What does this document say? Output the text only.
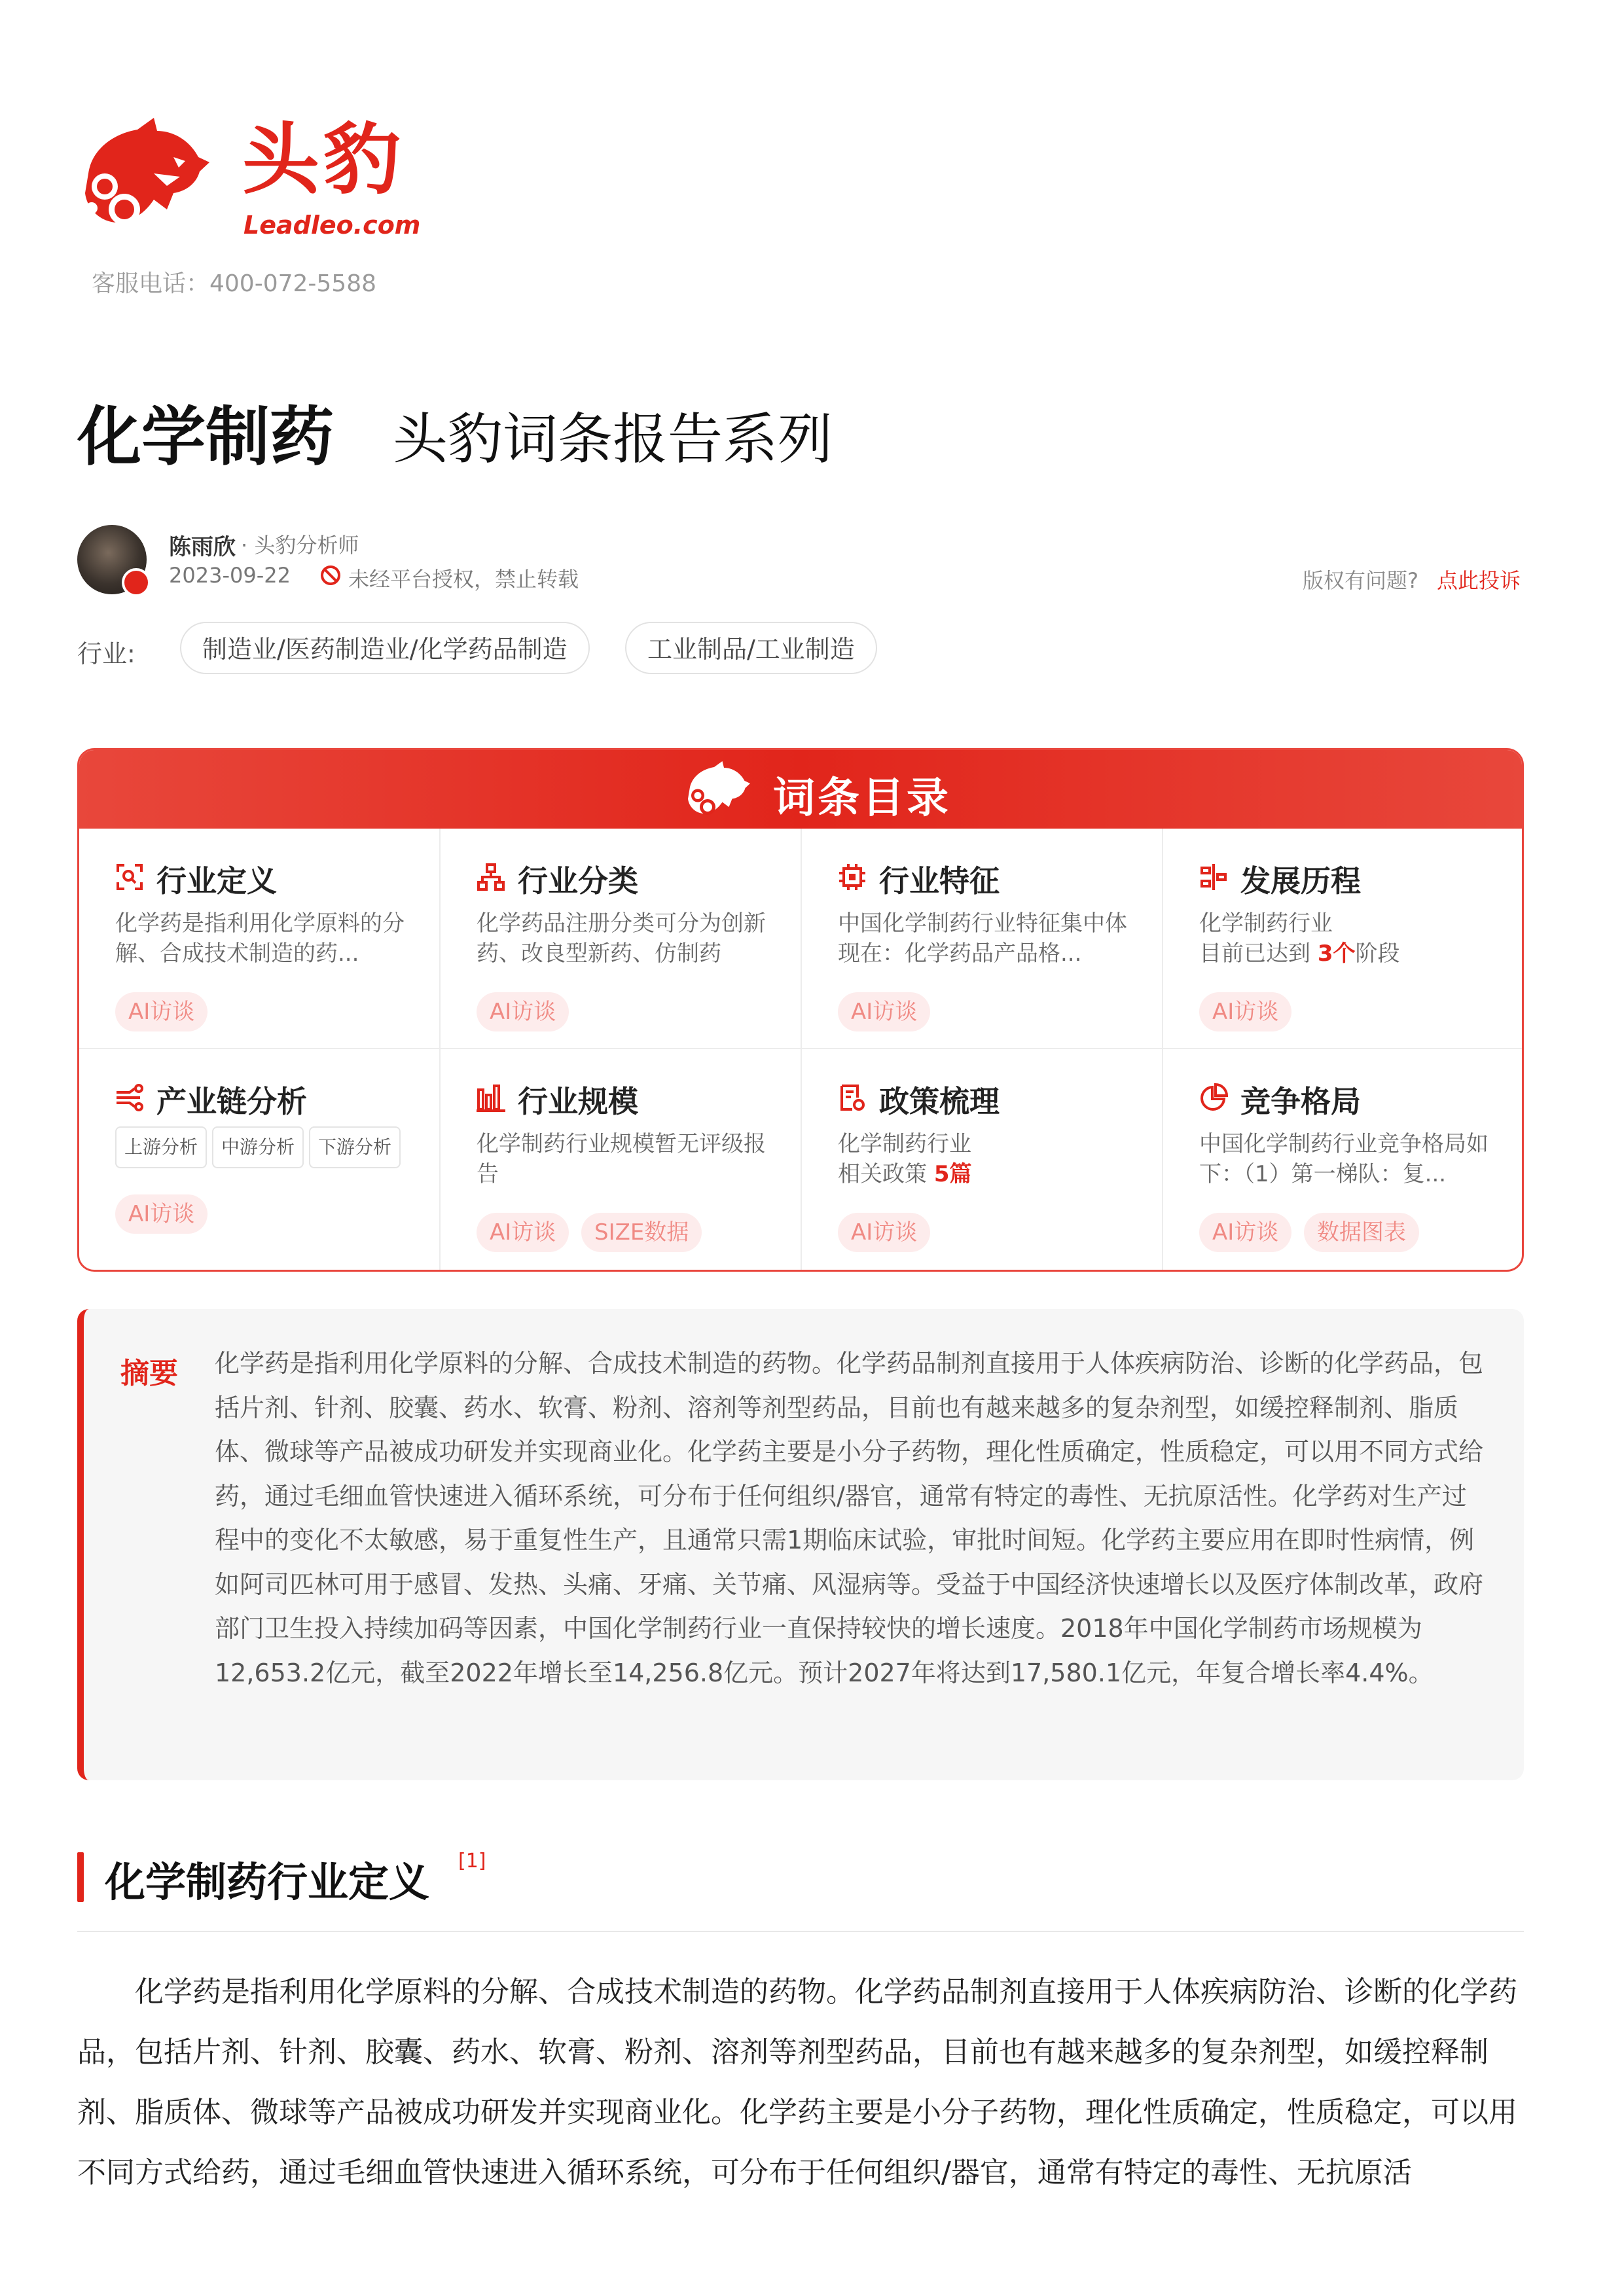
头豹
Leadleo.com
客服电话：400-072-5588
化学制药 头豹词条报告系列
陈雨欣 · 头豹分析师
2023-09-22	未经平台授权，禁止转载	版权有问题? 点此投诉
行业:	制造业/医药制造业/化学药品制造	工业制品/工业制造
词条目录
行业定义
化学药是指利用化学原料的分解、合成技术制造的药...
AI访谈
行业分类
化学药品注册分类可分为创新药、改良型新药、仿制药
AI访谈
行业特征
中国化学制药行业特征集中体现在：化学药品产品格...
AI访谈
发展历程
化学制药行业
目前已达到 3个阶段
AI访谈
产业链分析
上游分析 中游分析 下游分析
AI访谈
行业规模
化学制药行业规模暂无评级报告
AI访谈	SIZE数据
政策梳理
化学制药行业
相关政策 5篇
AI访谈
竞争格局
中国化学制药行业竞争格局如下：（1）第一梯队：复...
AI访谈	数据图表
摘要 化学药是指利用化学原料的分解、合成技术制造的药物。化学药品制剂直接用于人体疾病防治、诊断的化学药品，包括片剂、针剂、胶囊、药水、软膏、粉剂、溶剂等剂型药品，目前也有越来越多的复杂剂型，如缓控释制剂、脂质体、微球等产品被成功研发并实现商业化。化学药主要是小分子药物，理化性质确定，性质稳定，可以用不同方式给药，通过毛细血管快速进入循环系统，可分布于任何组织/器官，通常有特定的毒性、无抗原活性。化学药对生产过程中的变化不太敏感，易于重复性生产，且通常只需1期临床试验，审批时间短。化学药主要应用在即时性病情，例如阿司匹林可用于感冒、发热、头痛、牙痛、关节痛、风湿病等。受益于中国经济快速增长以及医疗体制改革，政府部门卫生投入持续加码等因素，中国化学制药行业一直保持较快的增长速度。2018年中国化学制药市场规模为12,653.2亿元，截至2022年增长至14,256.8亿元。预计2027年将达到17,580.1亿元，年复合增长率4.4%。
化学制药行业定义 [1]
化学药是指利用化学原料的分解、合成技术制造的药物。化学药品制剂直接用于人体疾病防治、诊断的化学药品，包括片剂、针剂、胶囊、药水、软膏、粉剂、溶剂等剂型药品，目前也有越来越多的复杂剂型，如缓控释制剂、脂质体、微球等产品被成功研发并实现商业化。化学药主要是小分子药物，理化性质确定，性质稳定，可以用不同方式给药，通过毛细血管快速进入循环系统，可分布于任何组织/器官，通常有特定的毒性、无抗原活
